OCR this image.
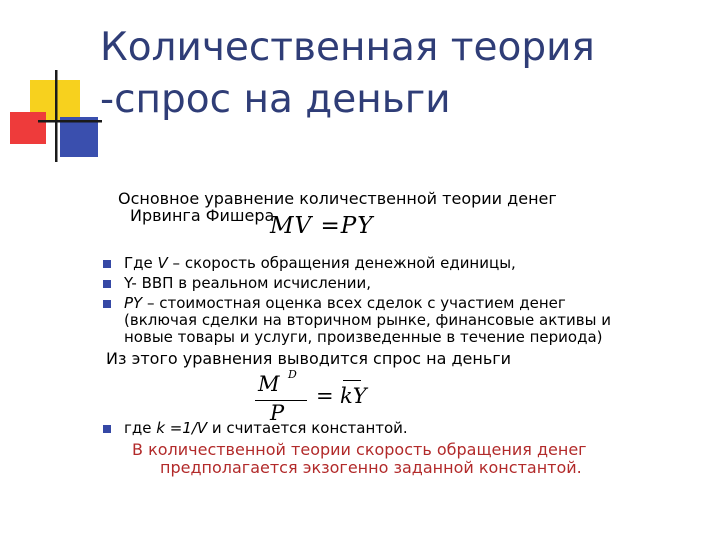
Количественная теория
-спрос на деньги
Основное уравнение количественной теории денег
Ирвинга Фишера
MV =PY
Где V – скорость обращения денежной единицы,
Y- ВВП в реальном исчислении,
PY – стоимостная оценка всех сделок с участием денег
(включая сделки на вторичном рынке, финансовые активы и
новые товары и услуги, произведенные в течение периода)
Из этого уравнения выводится спрос на деньги
M D
P
= kY
где k =1/V и считается константой.
В количественной теории скорость обращения денег
предполагается экзогенно заданной константой.
